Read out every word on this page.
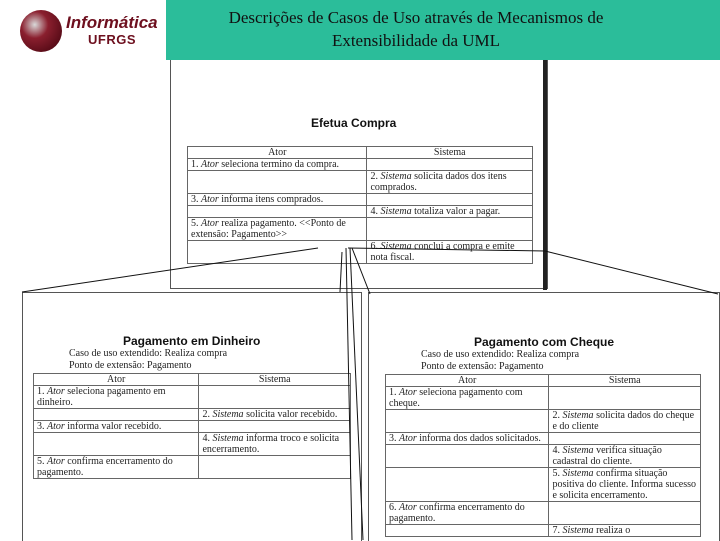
Informática
UFRGS
Descrições de Casos de Uso através de Mecanismos de
Extensibilidade da UML
Efetua Compra
Ator	Sistema
1. Ator seleciona termino da compra.	
	2. Sistema solicita dados dos itens comprados.
3. Ator informa itens comprados.	
	4. Sistema totaliza valor a pagar.
5. Ator realiza pagamento. <<Ponto de extensão: Pagamento>>	
	6. Sistema conclui a compra e emite nota fiscal.
Pagamento em Dinheiro
Caso de uso extendido: Realiza compra
Ponto de extensão: Pagamento
Ator	Sistema
1. Ator seleciona pagamento em dinheiro.	
	2. Sistema solicita valor recebido.
3. Ator informa valor recebido.	
	4. Sistema informa troco e solicita encerramento.
5. Ator confirma encerramento do pagamento.	
Pagamento com Cheque
Caso de uso extendido: Realiza compra
Ponto de extensão: Pagamento
Ator	Sistema
1. Ator seleciona pagamento com cheque.	
	2. Sistema solicita dados do cheque e do cliente
3. Ator informa dos dados solicitados.	
	4. Sistema verifica situação cadastral do cliente.
	5. Sistema confirma situação positiva do cliente. Informa sucesso e solicita encerramento.
6. Ator confirma encerramento do pagamento.	
	7. Sistema realiza o
